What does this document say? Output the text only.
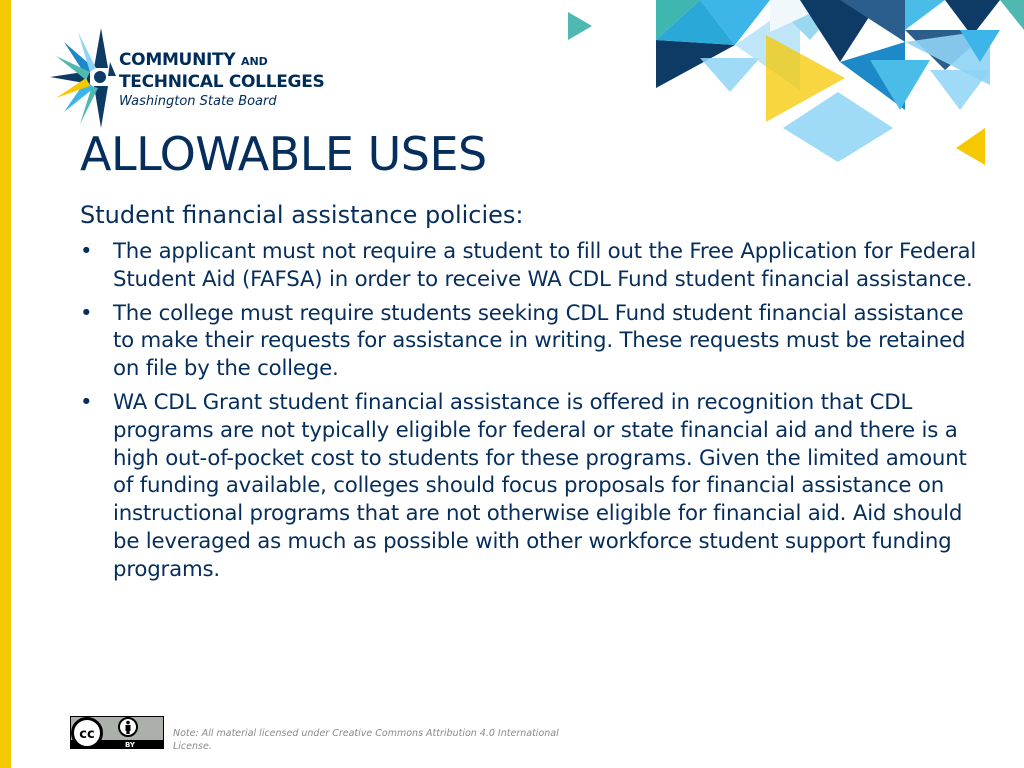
COMMUNITY AND
TECHNICAL COLLEGES
Washington State Board
ALLOWABLE USES
Student financial assistance policies:
• The applicant must not require a student to fill out the Free Application for Federal Student Aid (FAFSA) in order to receive WA CDL Fund student financial assistance.
• The college must require students seeking CDL Fund student financial assistance to make their requests for assistance in writing. These requests must be retained on file by the college.
• WA CDL Grant student financial assistance is offered in recognition that CDL programs are not typically eligible for federal or state financial aid and there is a high out-of-pocket cost to students for these programs. Given the limited amount of funding available, colleges should focus proposals for financial assistance on instructional programs that are not otherwise eligible for financial aid. Aid should be leveraged as much as possible with other workforce student support funding programs.
cc
BY
Note: All material licensed under Creative Commons Attribution 4.0 International License.
